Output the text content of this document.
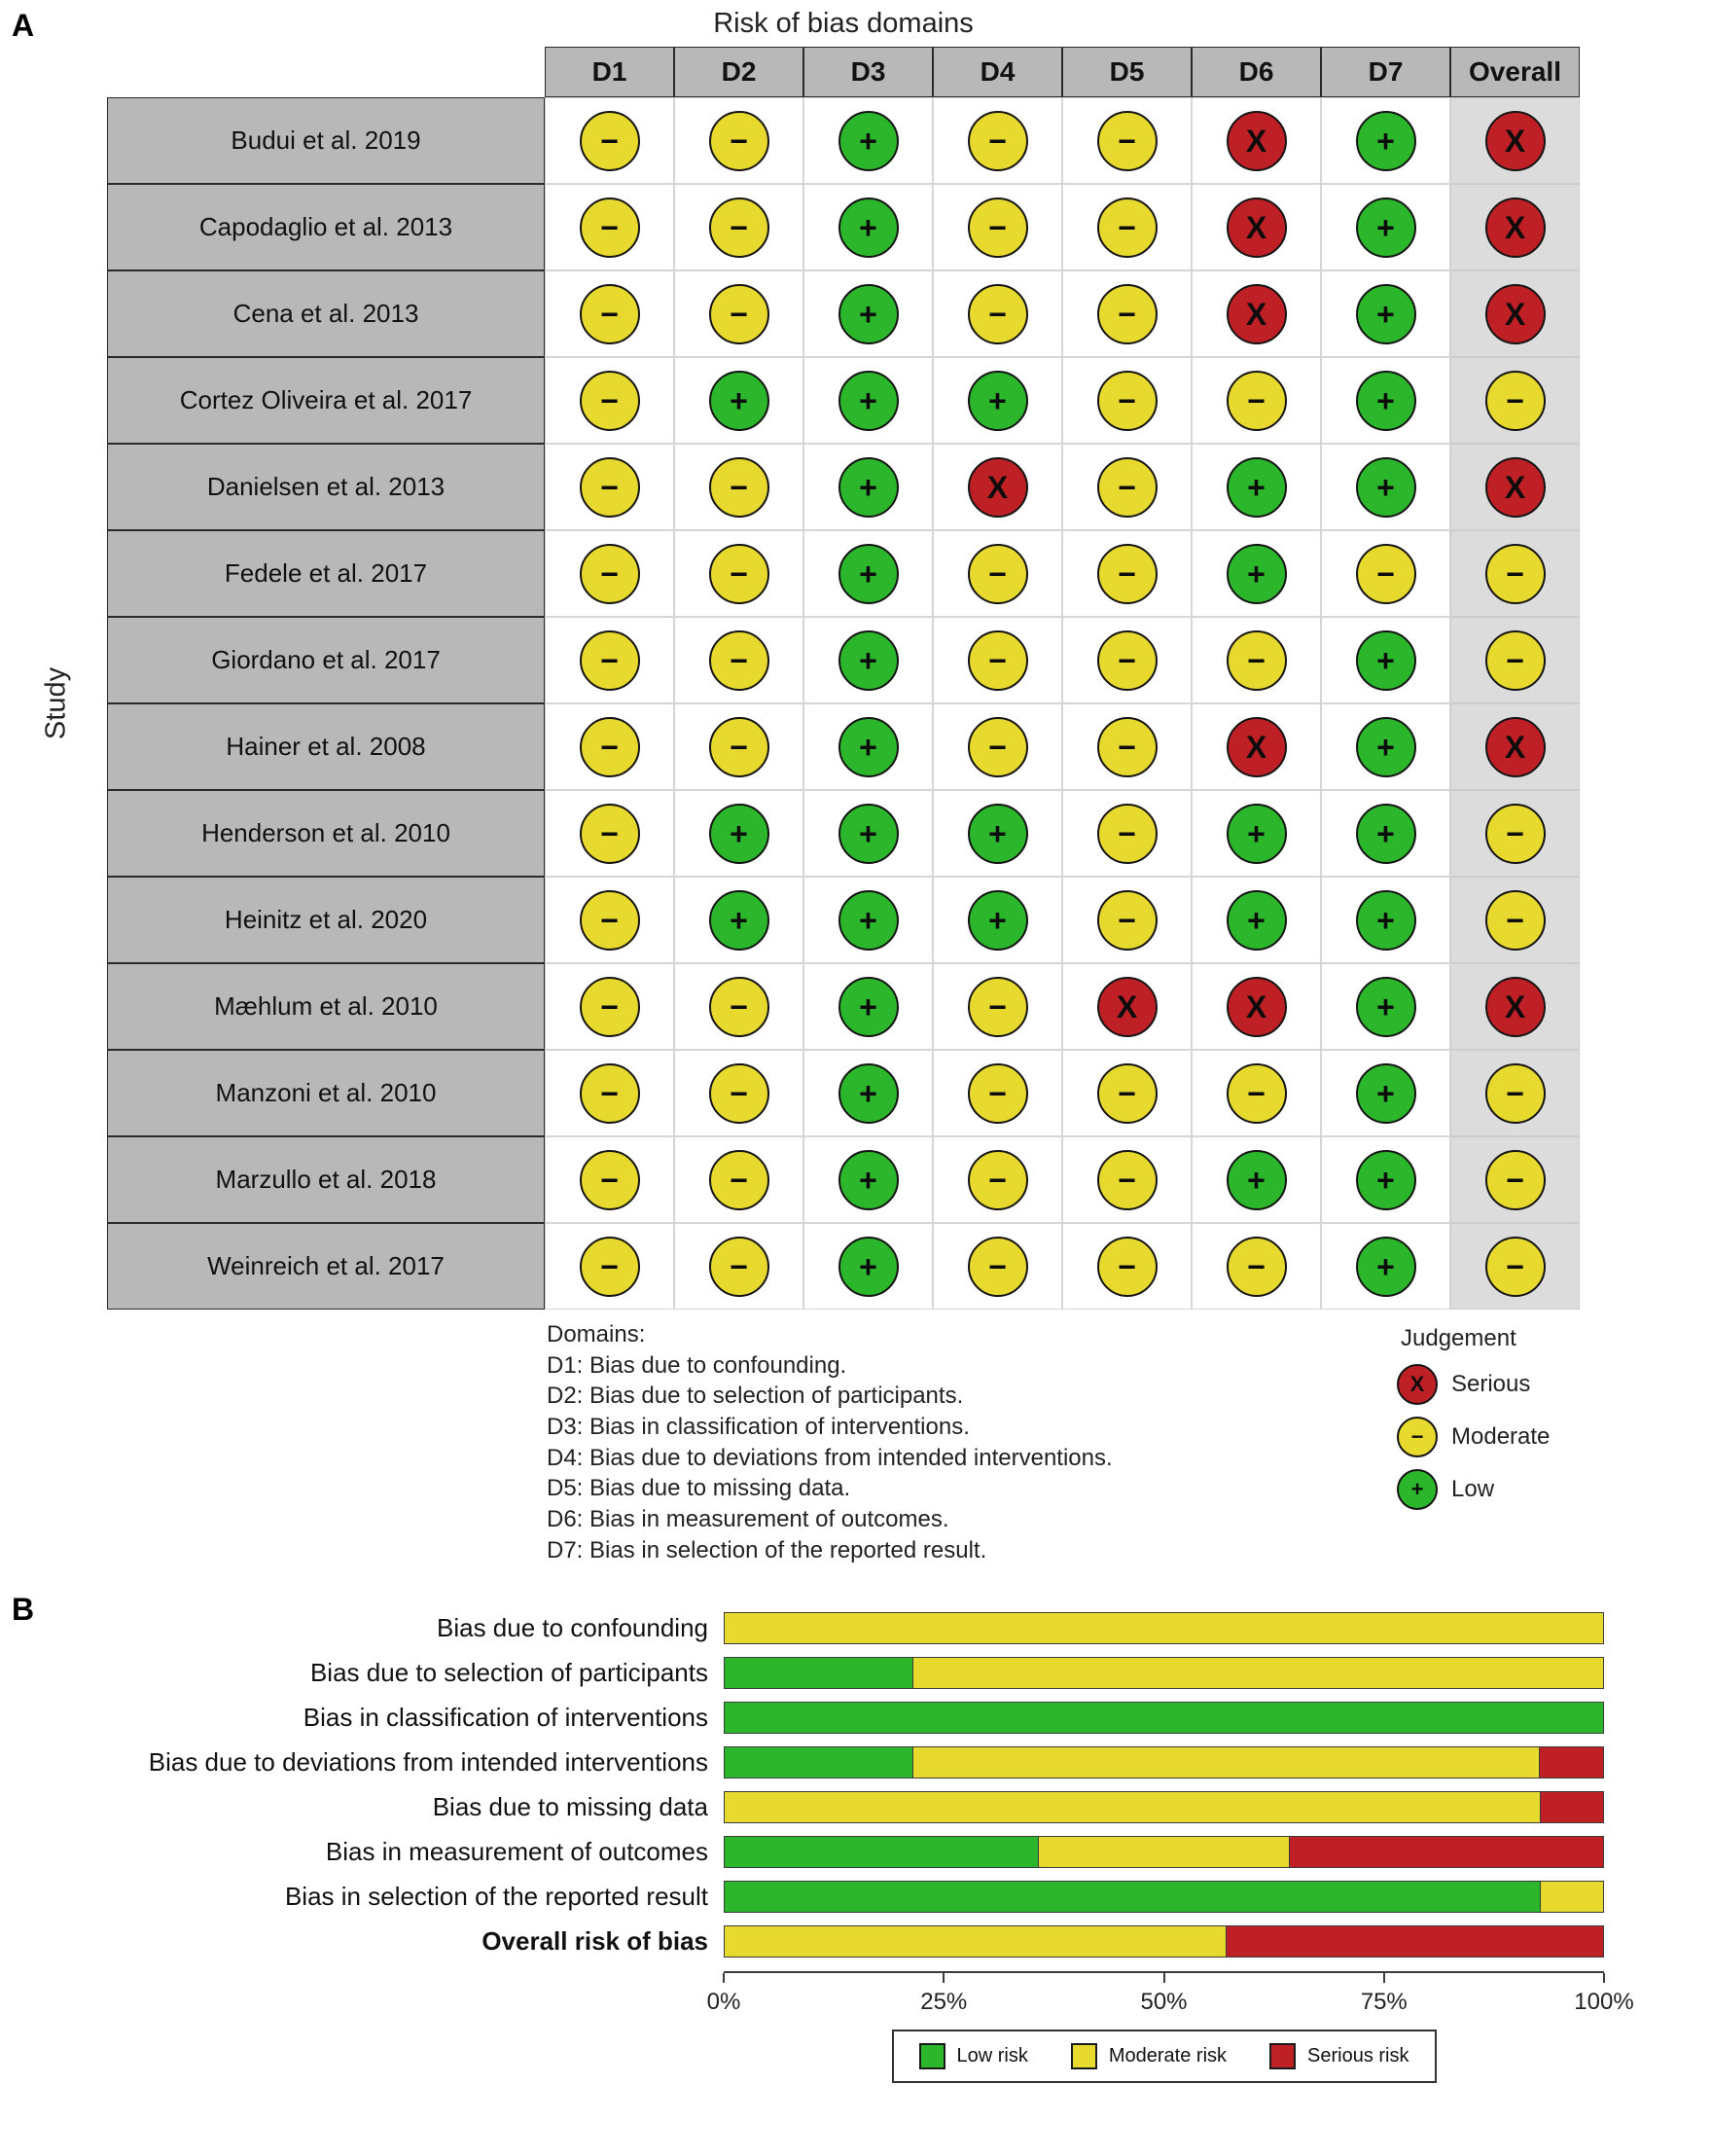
A	Risk of bias domains
Study
D1	D2	D3	D4	D5	D6	D7	Overall
Budui et al. 2019	−	−	+	−	−	X	+	X
Capodaglio et al. 2013	−	−	+	−	−	X	+	X
Cena et al. 2013	−	−	+	−	−	X	+	X
Cortez Oliveira et al. 2017	−	+	+	+	−	−	+	−
Danielsen et al. 2013	−	−	+	X	−	+	+	X
Fedele et al. 2017	−	−	+	−	−	+	−	−
Giordano et al. 2017	−	−	+	−	−	−	+	−
Hainer et al. 2008	−	−	+	−	−	X	+	X
Henderson et al. 2010	−	+	+	+	−	+	+	−
Heinitz et al. 2020	−	+	+	+	−	+	+	−
Mæhlum et al. 2010	−	−	+	−	X	X	+	X
Manzoni et al. 2010	−	−	+	−	−	−	+	−
Marzullo et al. 2018	−	−	+	−	−	+	+	−
Weinreich et al. 2017	−	−	+	−	−	−	+	−
Domains:
D1: Bias due to confounding.
D2: Bias due to selection of participants.
D3: Bias in classification of interventions.
D4: Bias due to deviations from intended interventions.
D5: Bias due to missing data.
D6: Bias in measurement of outcomes.
D7: Bias in selection of the reported result.
Judgement
X	Serious
−	Moderate
+	Low
B
Bias due to confounding
Bias due to selection of participants
Bias in classification of interventions
Bias due to deviations from intended interventions
Bias due to missing data
Bias in measurement of outcomes
Bias in selection of the reported result
Overall risk of bias
0%	25%	50%	75%	100%
Low risk	Moderate risk	Serious risk
